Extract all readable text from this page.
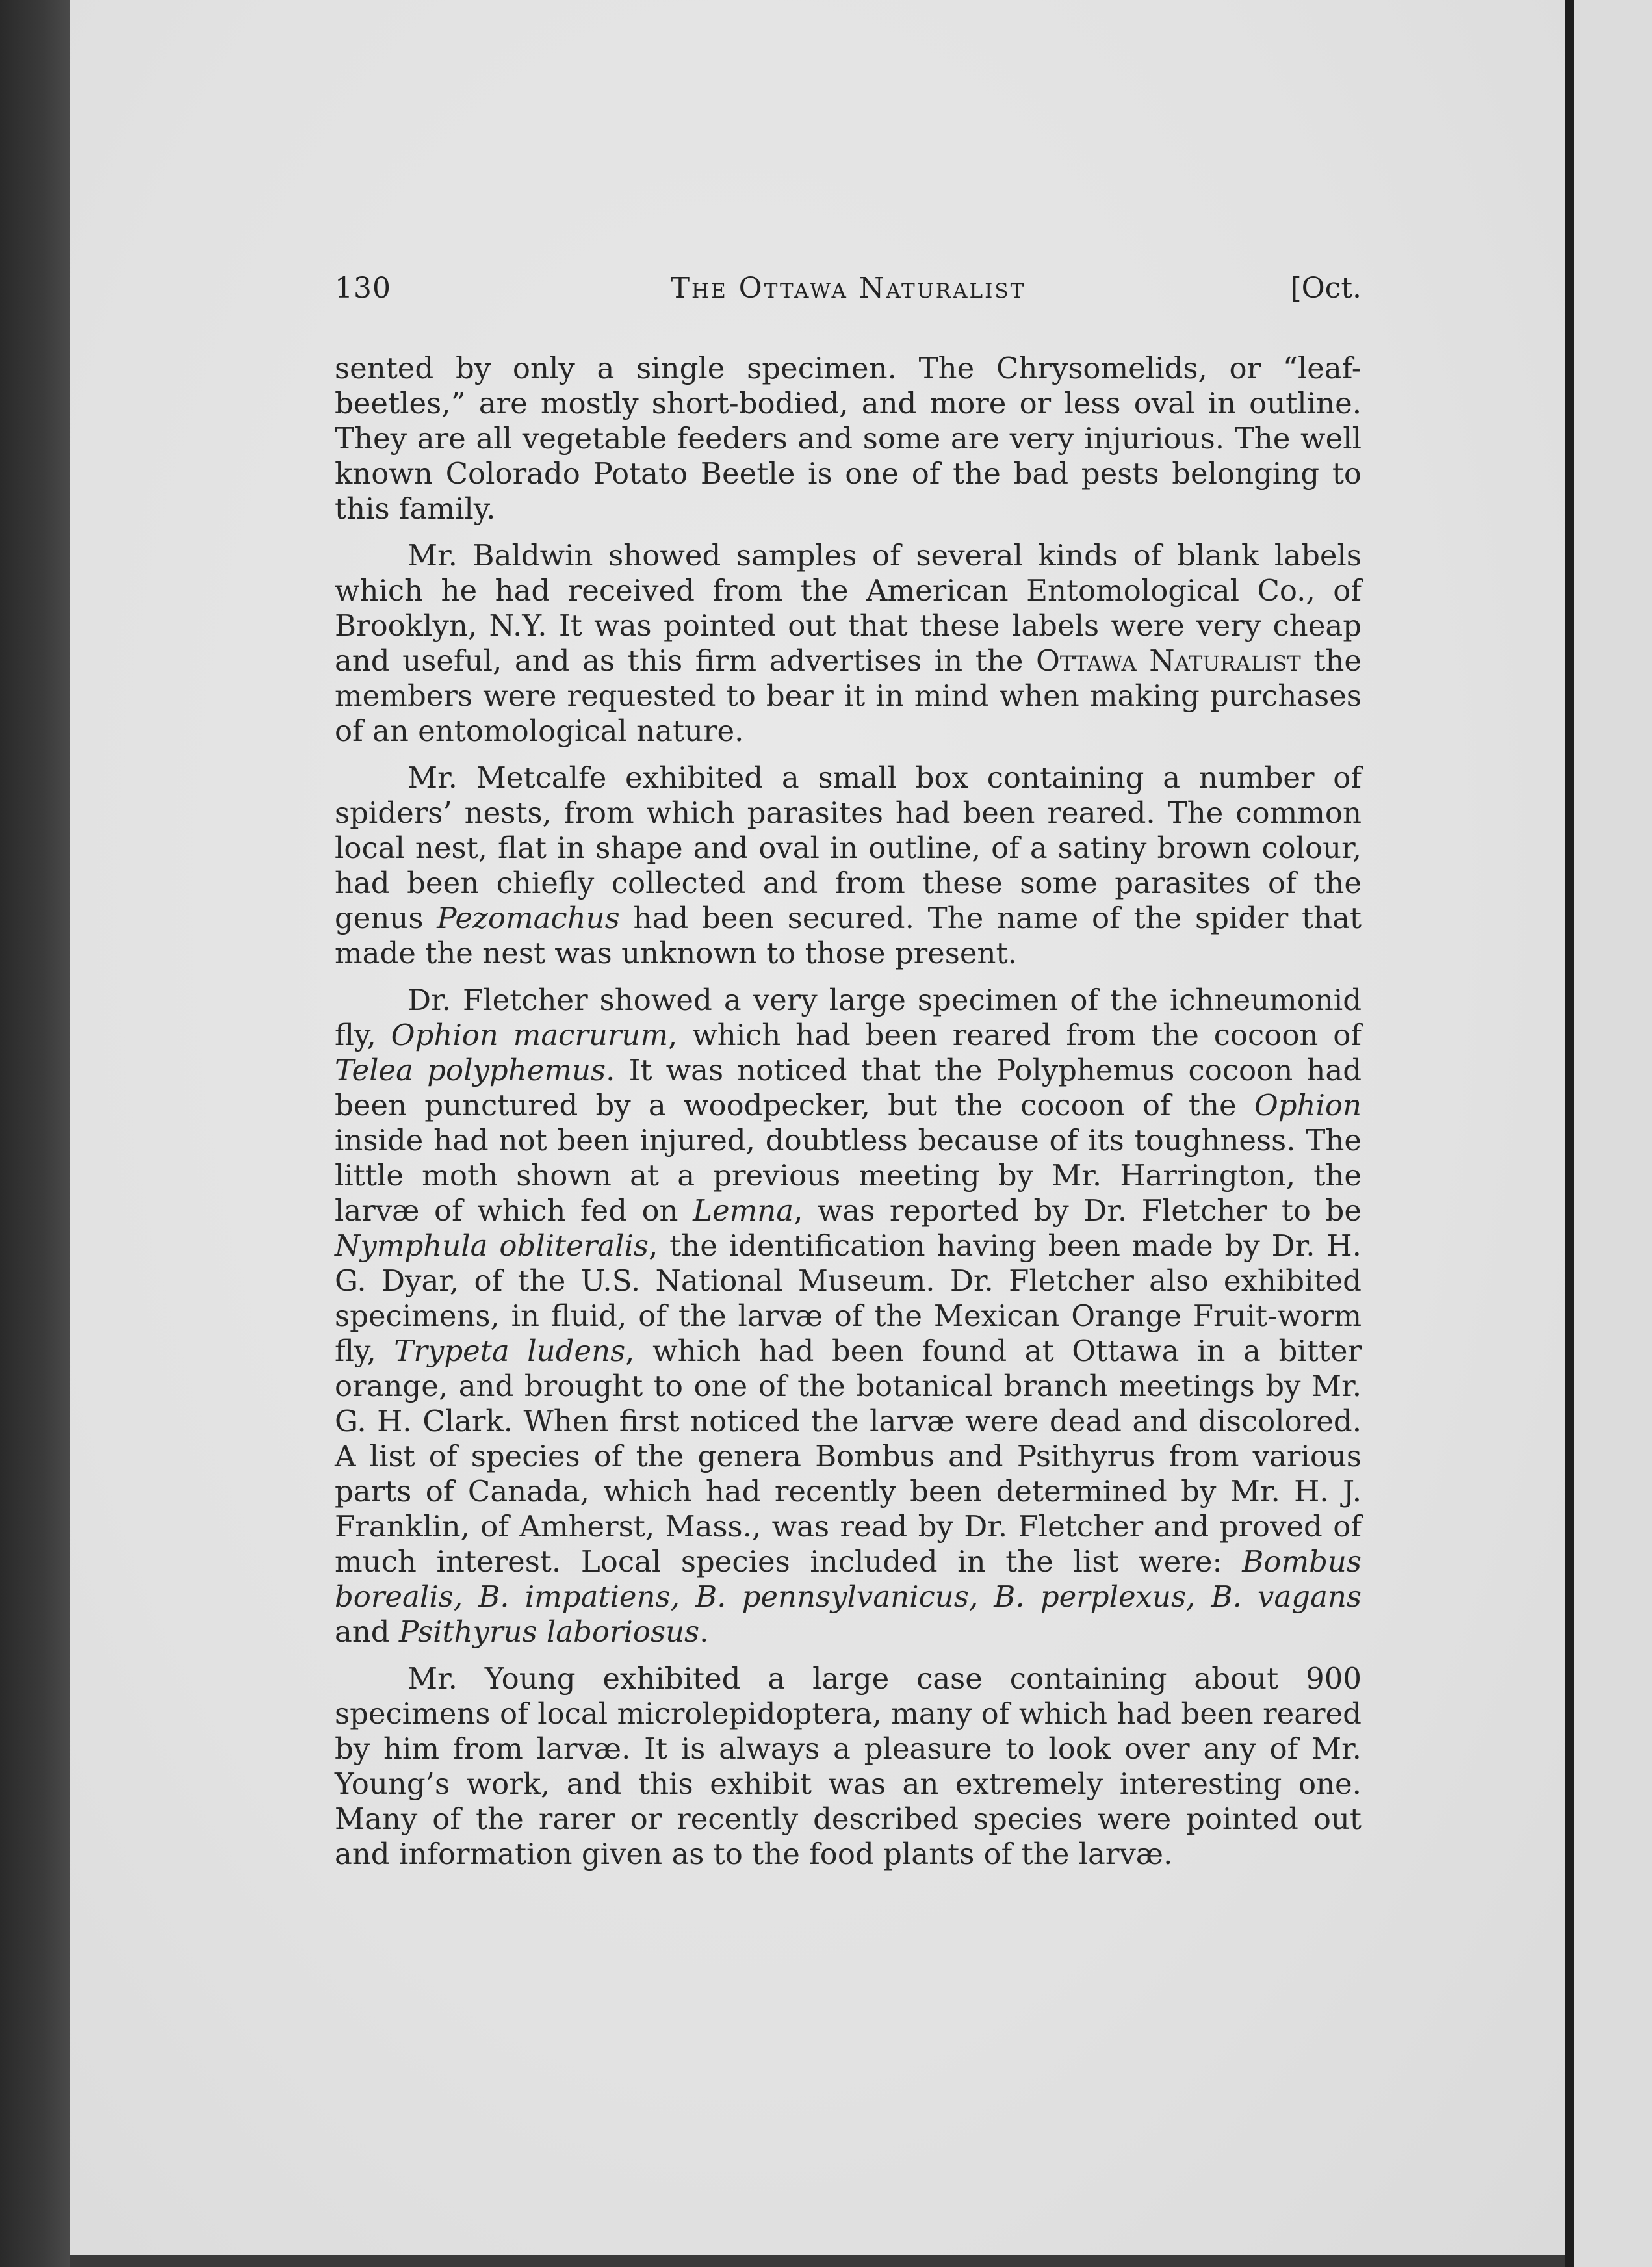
130	The Ottawa Naturalist	[Oct.

sented by only a single specimen. The Chrysomelids, or “leaf-beetles,” are mostly short-bodied, and more or less oval in outline. They are all vegetable feeders and some are very injurious. The well known Colorado Potato Beetle is one of the bad pests belonging to this family.

Mr. Baldwin showed samples of several kinds of blank labels which he had received from the American Entomological Co., of Brooklyn, N.Y. It was pointed out that these labels were very cheap and useful, and as this firm advertises in the Ottawa Naturalist the members were requested to bear it in mind when making purchases of an entomological nature.

Mr. Metcalfe exhibited a small box containing a number of spiders’ nests, from which parasites had been reared. The common local nest, flat in shape and oval in outline, of a satiny brown colour, had been chiefly collected and from these some parasites of the genus Pezomachus had been secured. The name of the spider that made the nest was unknown to those present.

Dr. Fletcher showed a very large specimen of the ichneumonid fly, Ophion macrurum, which had been reared from the cocoon of Telea polyphemus. It was noticed that the Polyphemus cocoon had been punctured by a woodpecker, but the cocoon of the Ophion inside had not been injured, doubtless because of its toughness. The little moth shown at a previous meeting by Mr. Harrington, the larvæ of which fed on Lemna, was reported by Dr. Fletcher to be Nymphula obliteralis, the identification having been made by Dr. H. G. Dyar, of the U.S. National Museum. Dr. Fletcher also exhibited specimens, in fluid, of the larvæ of the Mexican Orange Fruit-worm fly, Trypeta ludens, which had been found at Ottawa in a bitter orange, and brought to one of the botanical branch meetings by Mr. G. H. Clark. When first noticed the larvæ were dead and discolored. A list of species of the genera Bombus and Psithyrus from various parts of Canada, which had recently been determined by Mr. H. J. Franklin, of Amherst, Mass., was read by Dr. Fletcher and proved of much interest. Local species included in the list were: Bombus borealis, B. impatiens, B. pennsylvanicus, B. perplexus, B. vagans and Psithyrus laboriosus.

Mr. Young exhibited a large case containing about 900 specimens of local microlepidoptera, many of which had been reared by him from larvæ. It is always a pleasure to look over any of Mr. Young’s work, and this exhibit was an extremely interesting one. Many of the rarer or recently described species were pointed out and information given as to the food plants of the larvæ.
